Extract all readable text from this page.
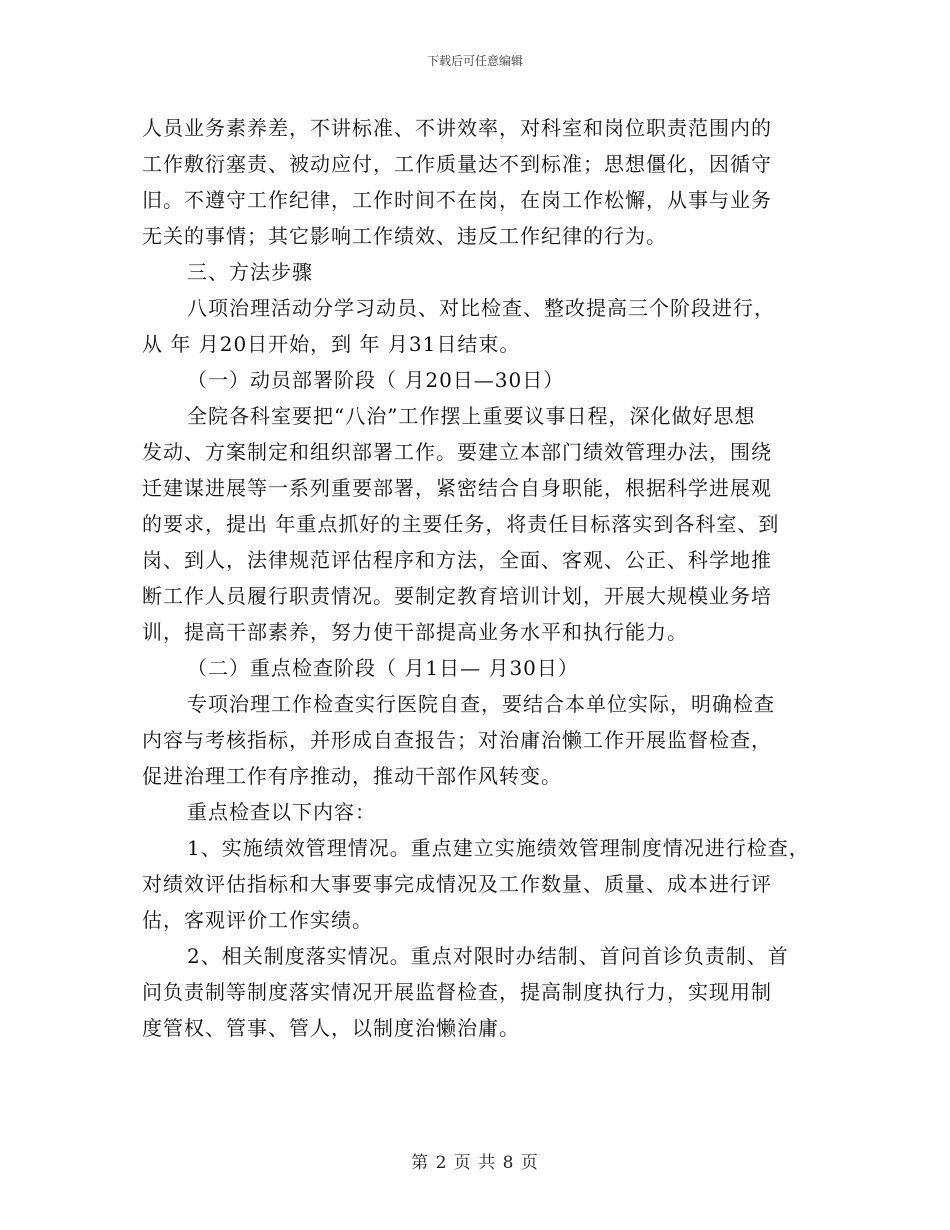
下载后可任意编辑
人员业务素养差，不讲标准、不讲效率，对科室和岗位职责范围内的
工作敷衍塞责、被动应付，工作质量达不到标准；思想僵化，因循守
旧。不遵守工作纪律，工作时间不在岗，在岗工作松懈，从事与业务
无关的事情；其它影响工作绩效、违反工作纪律的行为。
三、方法步骤
八项治理活动分学习动员、对比检查、整改提高三个阶段进行，
从 年 月20日开始，到 年 月31日结束。
（一）动员部署阶段（ 月20日—30日）
全院各科室要把“八治”工作摆上重要议事日程，深化做好思想
发动、方案制定和组织部署工作。要建立本部门绩效管理办法，围绕
迁建谋进展等一系列重要部署，紧密结合自身职能，根据科学进展观
的要求，提出 年重点抓好的主要任务，将责任目标落实到各科室、到
岗、到人，法律规范评估程序和方法，全面、客观、公正、科学地推
断工作人员履行职责情况。要制定教育培训计划，开展大规模业务培
训，提高干部素养，努力使干部提高业务水平和执行能力。
（二）重点检查阶段（ 月1日— 月30日）
专项治理工作检查实行医院自查，要结合本单位实际，明确检查
内容与考核指标，并形成自查报告；对治庸治懒工作开展监督检查，
促进治理工作有序推动，推动干部作风转变。
重点检查以下内容：
1、实施绩效管理情况。重点建立实施绩效管理制度情况进行检查，
对绩效评估指标和大事要事完成情况及工作数量、质量、成本进行评
估，客观评价工作实绩。
2、相关制度落实情况。重点对限时办结制、首问首诊负责制、首
问负责制等制度落实情况开展监督检查，提高制度执行力，实现用制
度管权、管事、管人，以制度治懒治庸。
第 2 页 共 8 页
